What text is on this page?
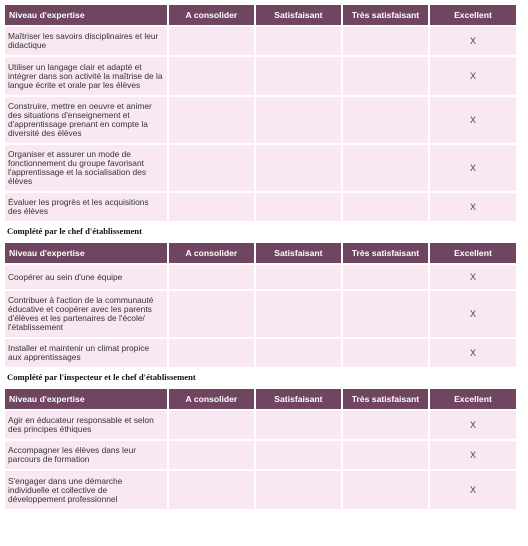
Niveau d'expertise	A consolider	Satisfaisant	Très satisfaisant	Excellent
Maîtriser les savoirs disciplinaires et leur didactique				X
Utiliser un langage clair et adapté et intégrer dans son activité la maîtrise de la langue écrite et orale par les élèves				X
Construire, mettre en oeuvre et animer des situations d'enseignement et d'apprentissage prenant en compte la diversité des élèves				X
Organiser et assurer un mode de fonctionnement du groupe favorisant l'apprentissage et la socialisation des élèves				X
Évaluer les progrès et les acquisitions des élèves				X
Complété par le chef d'établissement
Niveau d'expertise	A consolider	Satisfaisant	Très satisfaisant	Excellent
Coopérer au sein d'une équipe				X
Contribuer à l'action de la communauté éducative et coopérer avec les parents d'élèves et les partenaires de l'école/ l'établissement				X
Installer et maintenir un climat propice aux apprentissages				X
Complété par l'inspecteur et le chef d'établissement
Niveau d'expertise	A consolider	Satisfaisant	Très satisfaisant	Excellent
Agir en éducateur responsable et selon des principes éthiques				X
Accompagner les élèves dans leur parcours de formation				X
S'engager dans une démarche individuelle et collective de développement professionnel				X
